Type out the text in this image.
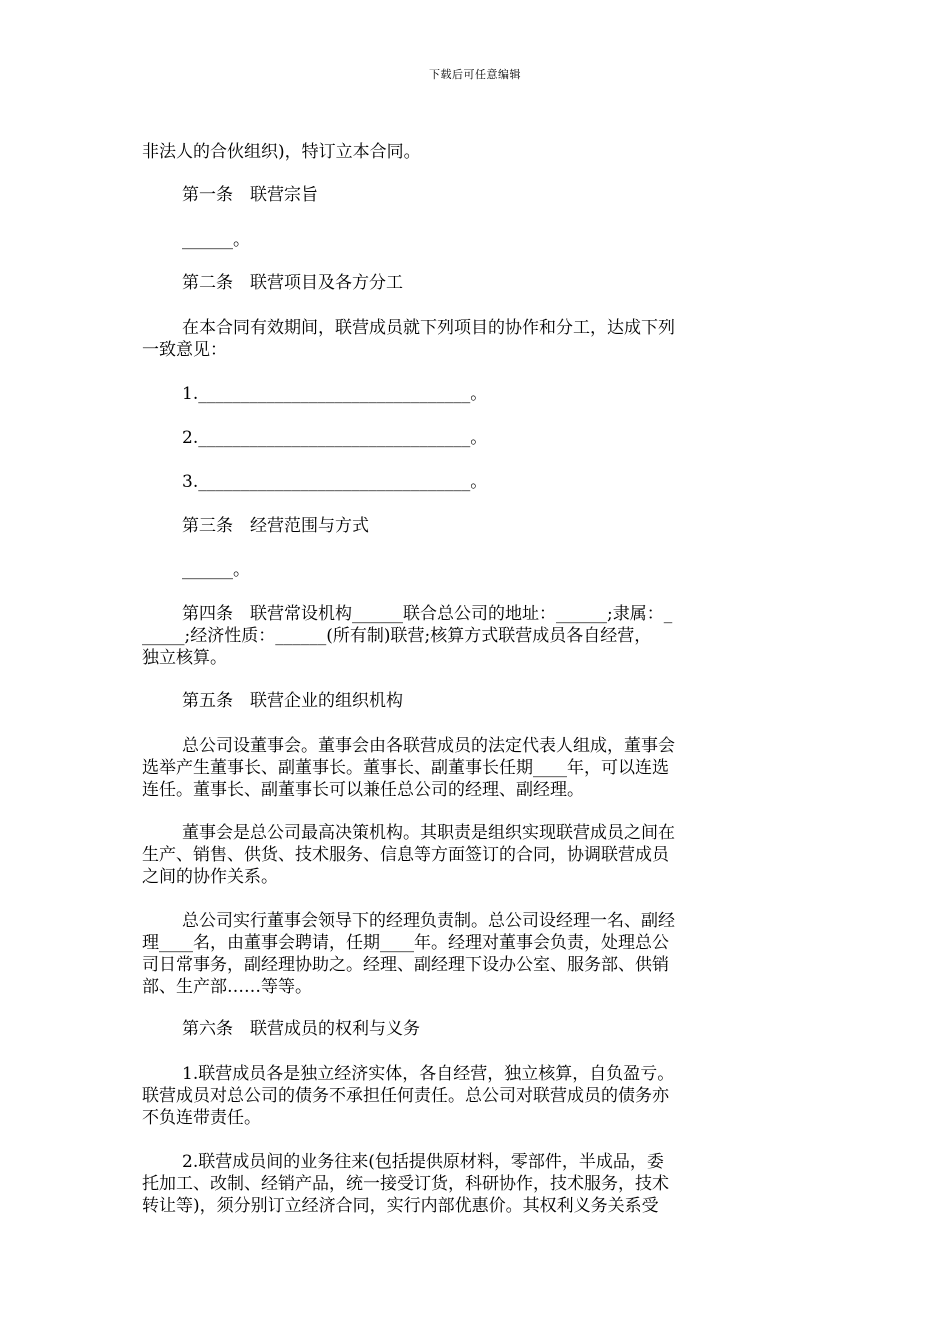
下载后可任意编辑
非法人的合伙组织)，特订立本合同。
第一条　联营宗旨
______。
第二条　联营项目及各方分工
在本合同有效期间，联营成员就下列项目的协作和分工，达成下列
一致意见：
1.________________________________。
2.________________________________。
3.________________________________。
第三条　经营范围与方式
______。
第四条　联营常设机构______联合总公司的地址：______;隶属：_
_____;经济性质：______(所有制)联营;核算方式联营成员各自经营，
独立核算。
第五条　联营企业的组织机构
总公司设董事会。董事会由各联营成员的法定代表人组成，董事会
选举产生董事长、副董事长。董事长、副董事长任期____年，可以连选
连任。董事长、副董事长可以兼任总公司的经理、副经理。
董事会是总公司最高决策机构。其职责是组织实现联营成员之间在
生产、销售、供货、技术服务、信息等方面签订的合同，协调联营成员
之间的协作关系。
总公司实行董事会领导下的经理负责制。总公司设经理一名、副经
理____名，由董事会聘请，任期____年。经理对董事会负责，处理总公
司日常事务，副经理协助之。经理、副经理下设办公室、服务部、供销
部、生产部……等等。
第六条　联营成员的权利与义务
1.联营成员各是独立经济实体，各自经营，独立核算，自负盈亏。
联营成员对总公司的债务不承担任何责任。总公司对联营成员的债务亦
不负连带责任。
2.联营成员间的业务往来(包括提供原材料，零部件，半成品，委
托加工、改制、经销产品，统一接受订货，科研协作，技术服务，技术
转让等)，须分别订立经济合同，实行内部优惠价。其权利义务关系受
